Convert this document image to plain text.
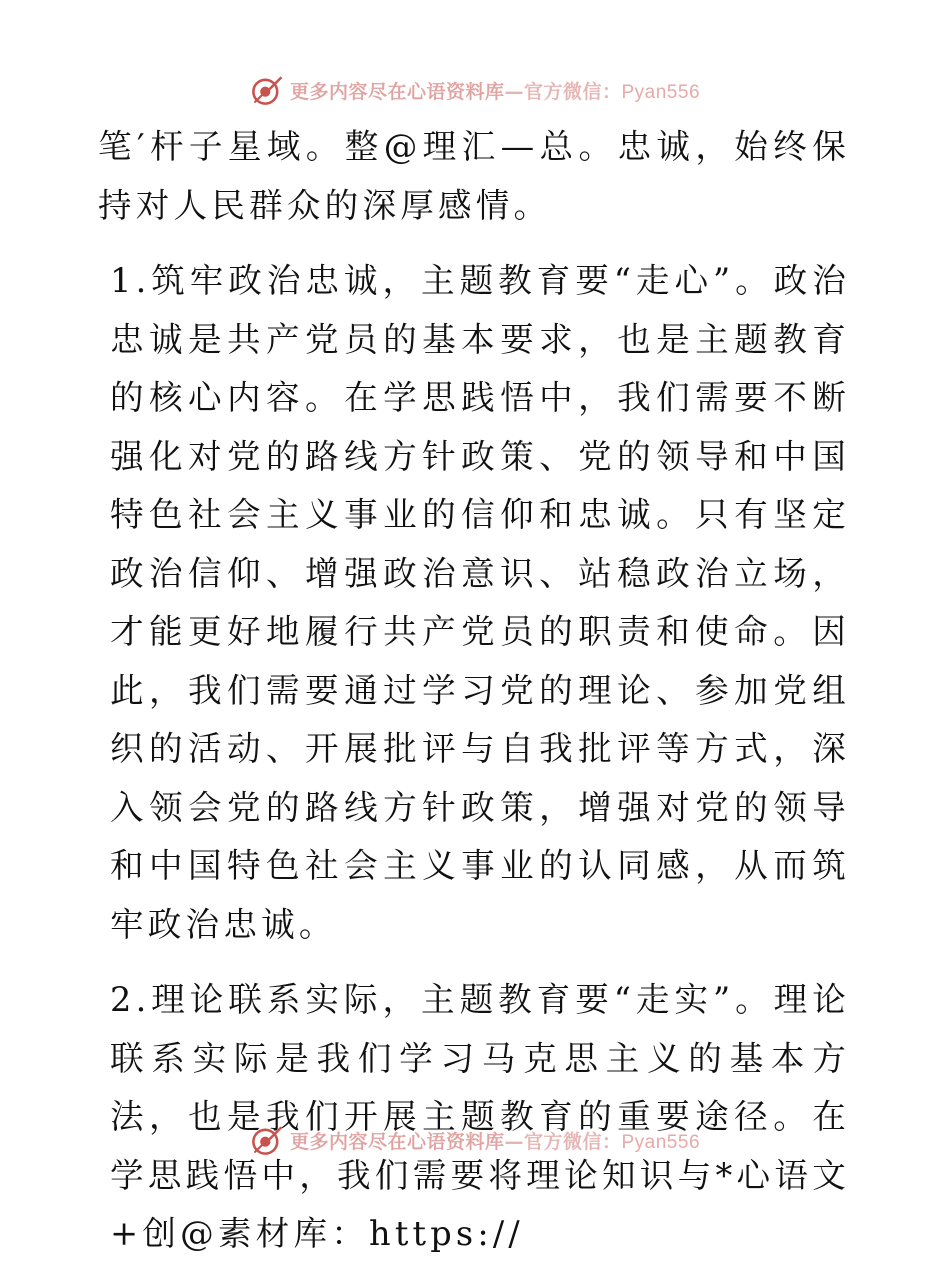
更多内容尽在心语资料库—官方微信：Pyan556

笔′杆子星域。整@理汇—总。忠诚，始终保持对人民群众的深厚感情。

1.筑牢政治忠诚，主题教育要“走心”。政治忠诚是共产党员的基本要求，也是主题教育的核心内容。在学思践悟中，我们需要不断强化对党的路线方针政策、党的领导和中国特色社会主义事业的信仰和忠诚。只有坚定政治信仰、增强政治意识、站稳政治立场，才能更好地履行共产党员的职责和使命。因此，我们需要通过学习党的理论、参加党组织的活动、开展批评与自我批评等方式，深入领会党的路线方针政策，增强对党的领导和中国特色社会主义事业的认同感，从而筑牢政治忠诚。

2.理论联系实际，主题教育要“走实”。理论联系实际是我们学习马克思主义的基本方法，也是我们开展主题教育的重要途径。在学思践悟中，我们需要将理论知识与*心语文+创@素材库：https://

更多内容尽在心语资料库—官方微信：Pyan556
